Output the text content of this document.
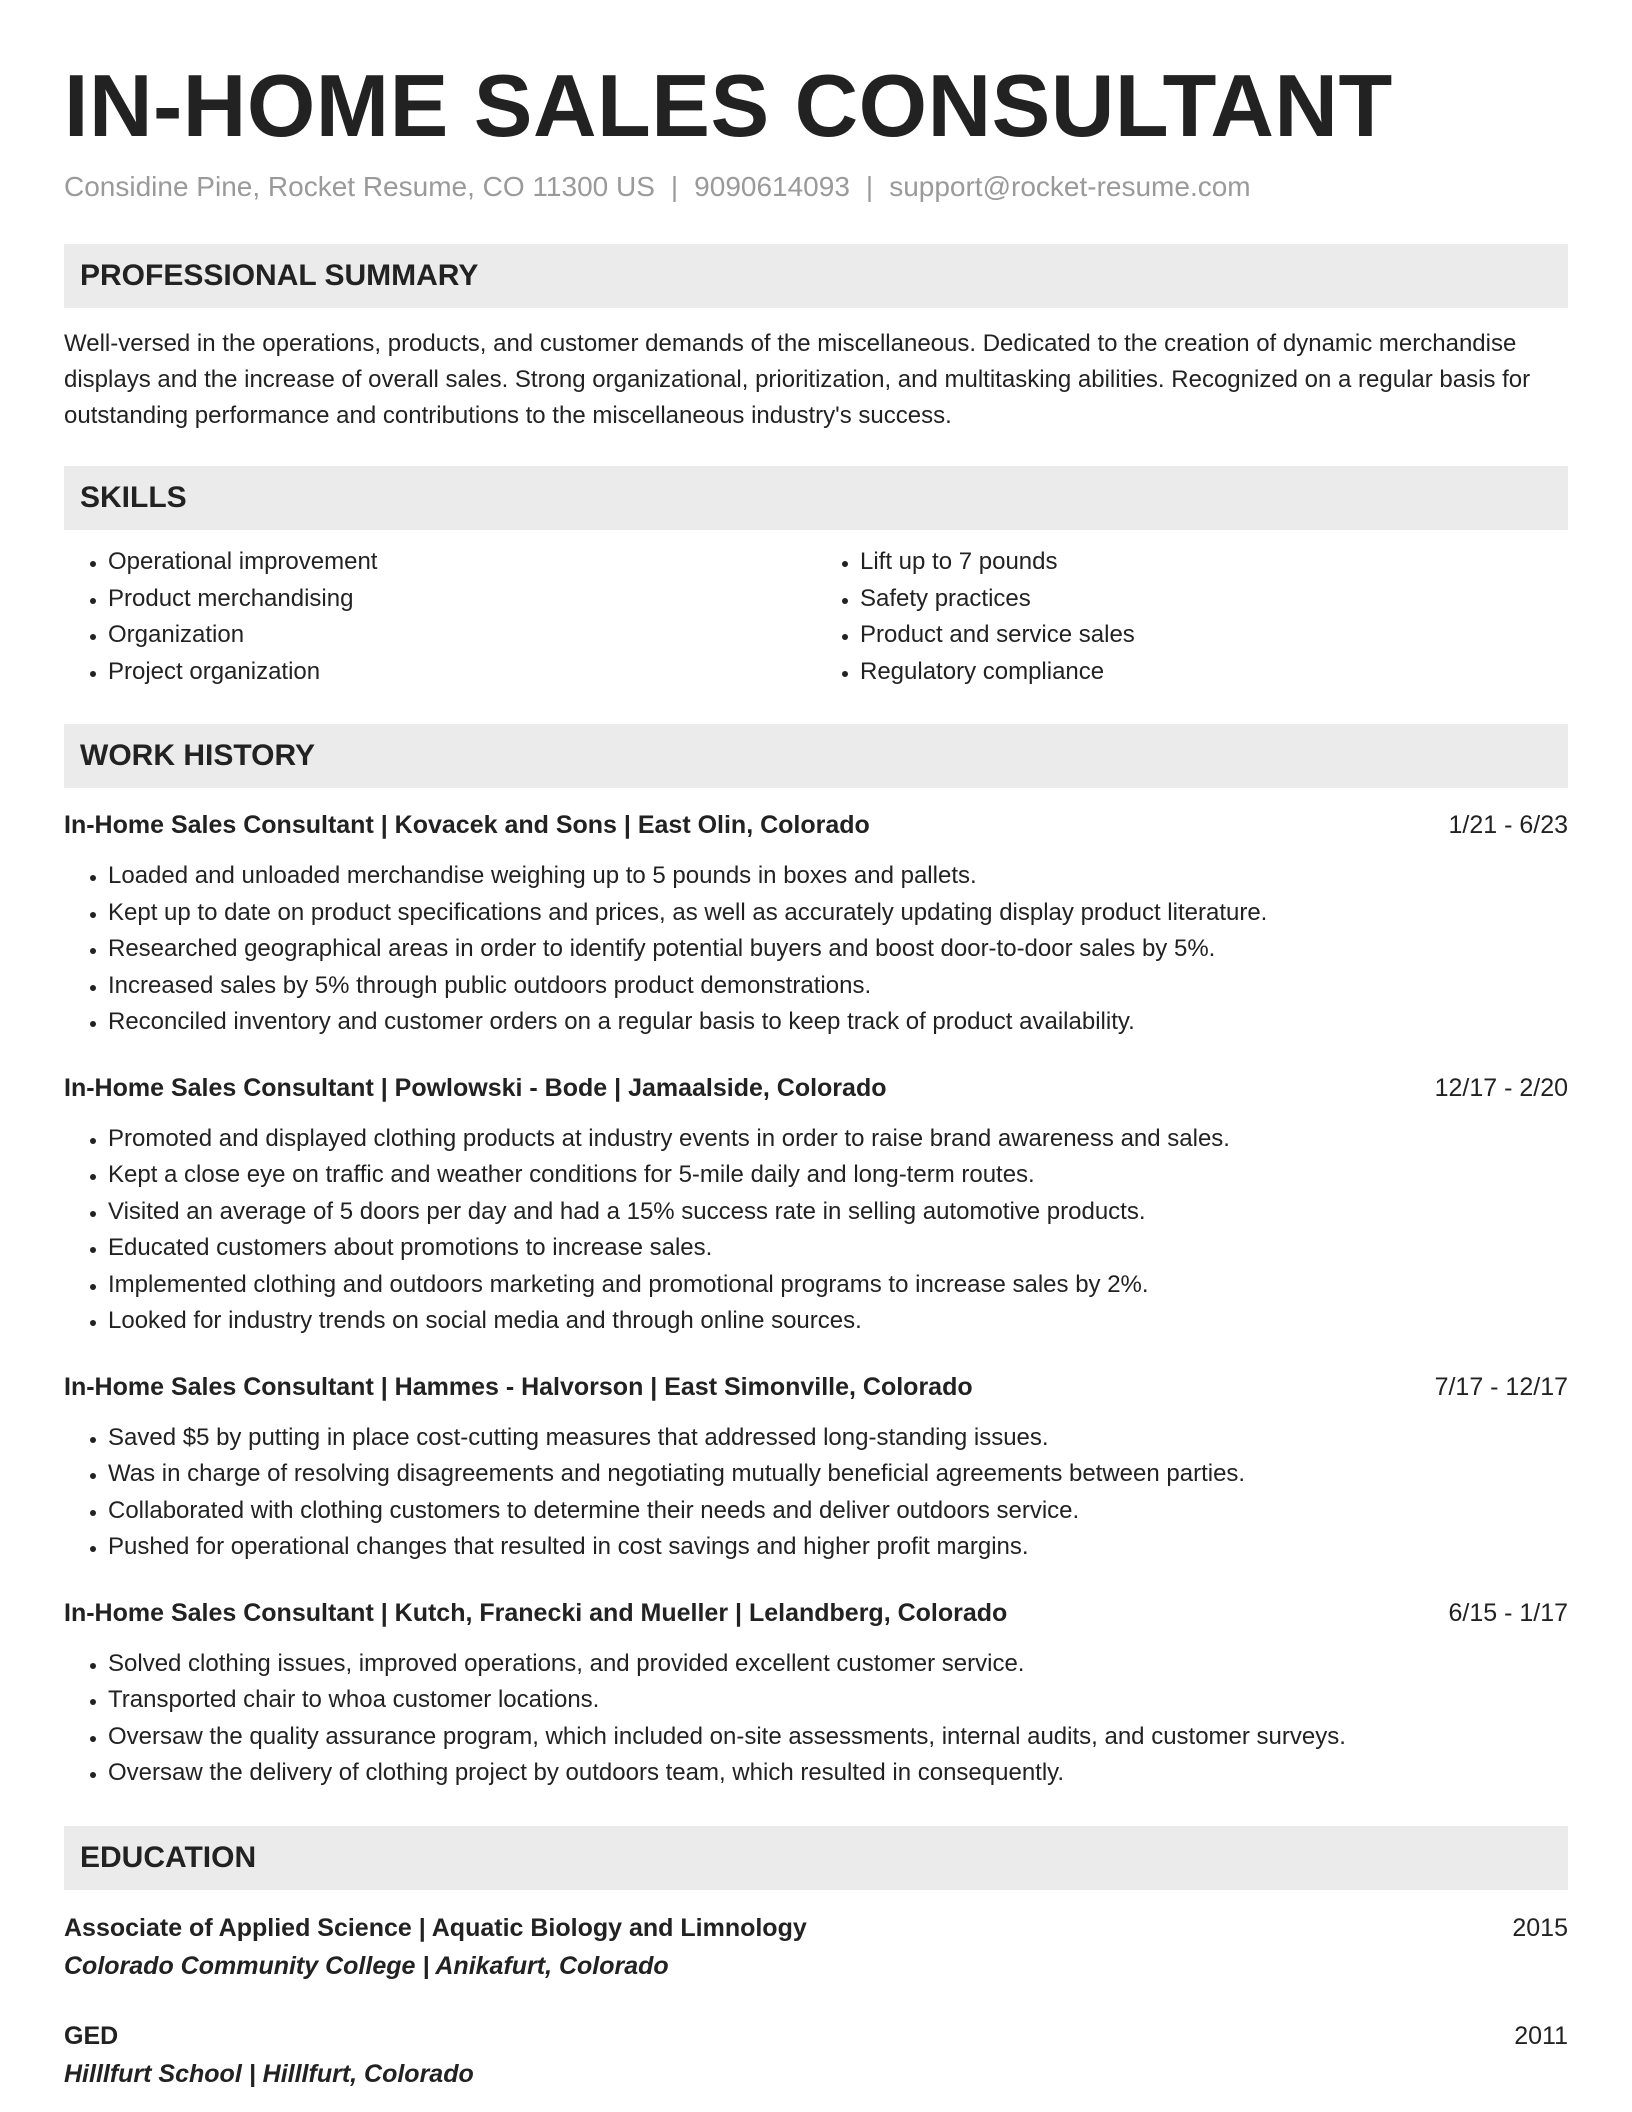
IN-HOME SALES CONSULTANT
Considine Pine, Rocket Resume, CO 11300 US | 9090614093 | support@rocket-resume.com
PROFESSIONAL SUMMARY

Well-versed in the operations, products, and customer demands of the miscellaneous. Dedicated to the creation of dynamic merchandise displays and the increase of overall sales. Strong organizational, prioritization, and multitasking abilities. Recognized on a regular basis for outstanding performance and contributions to the miscellaneous industry's success.

SKILLS
• Operational improvement
• Product merchandising
• Organization
• Project organization
• Lift up to 7 pounds
• Safety practices
• Product and service sales
• Regulatory compliance
WORK HISTORY
In-Home Sales Consultant | Kovacek and Sons | East Olin, Colorado	1/21 - 6/23
• Loaded and unloaded merchandise weighing up to 5 pounds in boxes and pallets.
• Kept up to date on product specifications and prices, as well as accurately updating display product literature.
• Researched geographical areas in order to identify potential buyers and boost door-to-door sales by 5%.
• Increased sales by 5% through public outdoors product demonstrations.
• Reconciled inventory and customer orders on a regular basis to keep track of product availability.
In-Home Sales Consultant | Powlowski - Bode | Jamaalside, Colorado	12/17 - 2/20
• Promoted and displayed clothing products at industry events in order to raise brand awareness and sales.
• Kept a close eye on traffic and weather conditions for 5-mile daily and long-term routes.
• Visited an average of 5 doors per day and had a 15% success rate in selling automotive products.
• Educated customers about promotions to increase sales.
• Implemented clothing and outdoors marketing and promotional programs to increase sales by 2%.
• Looked for industry trends on social media and through online sources.
In-Home Sales Consultant | Hammes - Halvorson | East Simonville, Colorado	7/17 - 12/17
• Saved $5 by putting in place cost-cutting measures that addressed long-standing issues.
• Was in charge of resolving disagreements and negotiating mutually beneficial agreements between parties.
• Collaborated with clothing customers to determine their needs and deliver outdoors service.
• Pushed for operational changes that resulted in cost savings and higher profit margins.
In-Home Sales Consultant | Kutch, Franecki and Mueller | Lelandberg, Colorado	6/15 - 1/17
• Solved clothing issues, improved operations, and provided excellent customer service.
• Transported chair to whoa customer locations.
• Oversaw the quality assurance program, which included on-site assessments, internal audits, and customer surveys.
• Oversaw the delivery of clothing project by outdoors team, which resulted in consequently.
EDUCATION
Associate of Applied Science | Aquatic Biology and Limnology	2015
Colorado Community College | Anikafurt, Colorado
GED	2011
Hilllfurt School | Hilllfurt, Colorado
